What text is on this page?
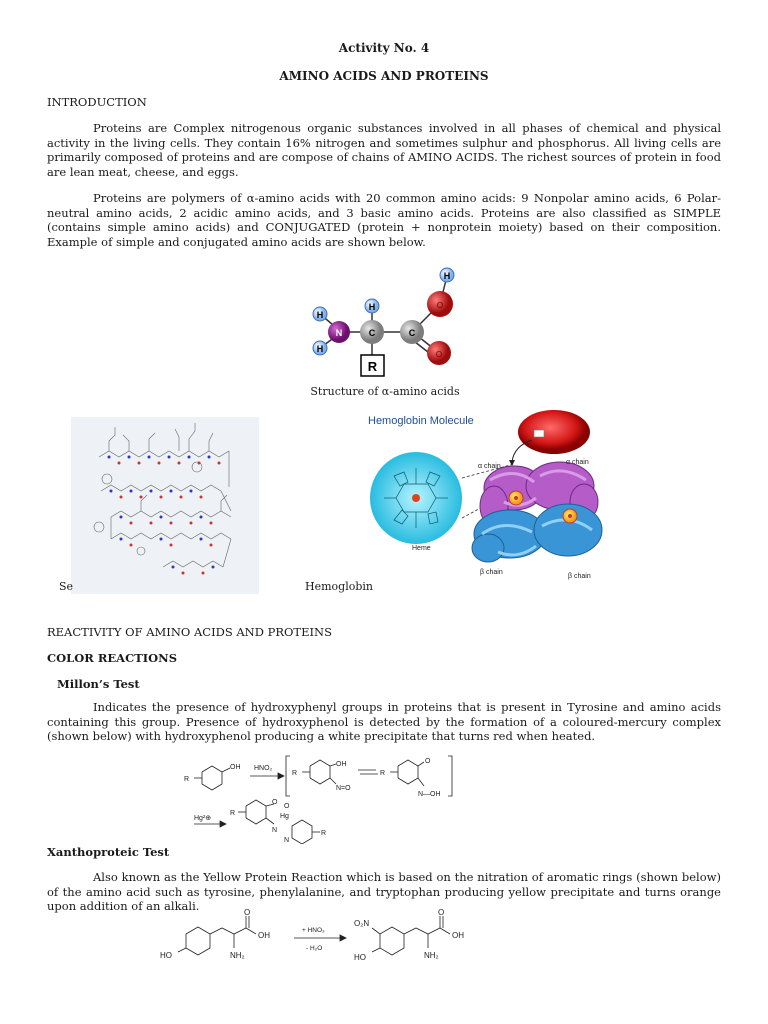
Activity No. 4
AMINO ACIDS AND PROTEINS
INTRODUCTION
Proteins are Complex nitrogenous organic substances involved in all phases of chemical and physical activity in the living cells. They contain 16% nitrogen and sometimes sulphur and phosphorus. All living cells are primarily composed of proteins and are compose of chains of AMINO ACIDS. The richest sources of protein in food are lean meat, cheese, and eggs.
Proteins are polymers of α-amino acids with 20 common amino acids: 9 Nonpolar amino acids, 6 Polar-neutral amino acids, 2 acidic amino acids, and 3 basic amino acids. Proteins are also classified as SIMPLE (contains simple amino acids) and CONJUGATED (protein + nonprotein moiety) based on their composition. Example of simple and conjugated amino acids are shown below.
H
H
N
H
C	C
O
O
H
R
Structure of α-amino acids
Se
Hemoglobin Molecule
Heme
α chain
α chain
β chain
β chain
Hemoglobin
REACTIVITY OF AMINO ACIDS AND PROTEINS
COLOR REACTIONS
Millon’s Test
Indicates the presence of hydroxyphenyl groups in proteins that is present in Tyrosine and amino acids containing this group. Presence of hydroxyphenol is detected by the formation of a coloured-mercury complex (shown below) with hydroxyphenol producing a white precipitate that turns red when heated.
R
OH HNO₂
R
OH
N=O
R
O
N—OH
Hg²⊕
R
O
Hg
N
O
N
R
Xanthoproteic Test
Also known as the Yellow Protein Reaction which is based on the nitration of aromatic rings (shown below) of the amino acid such as tyrosine, phenylalanine, and tryptophan producing yellow precipitate and turns orange upon addition of an alkali.
HO
OH
O
NH₂
+ HNO₃
- H₂O
O₂N
HO
OH
O
NH₂
